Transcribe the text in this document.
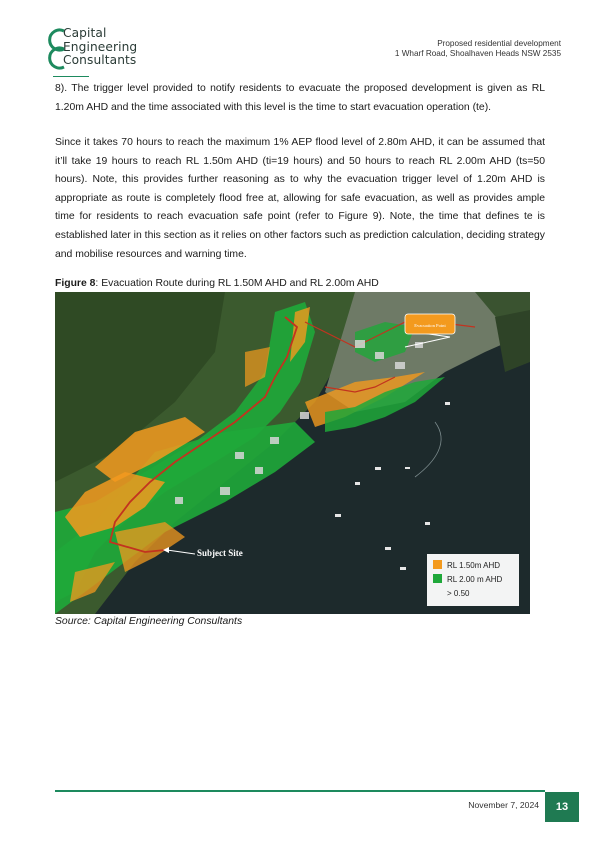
Capital
Engineering
Consultants
Proposed residential development
1 Wharf Road, Shoalhaven Heads NSW 2535
8). The trigger level provided to notify residents to evacuate the proposed development is given as RL 1.20m AHD and the time associated with this level is the time to start evacuation operation (te).
Since it takes 70 hours to reach the maximum 1% AEP flood level of 2.80m AHD, it can be assumed that it’ll take 19 hours to reach RL 1.50m AHD (ti=19 hours) and 50 hours to reach RL 2.00m AHD (ts=50 hours). Note, this provides further reasoning as to why the evacuation trigger level of 1.20m AHD is appropriate as route is completely flood free at, allowing for safe evacuation, as well as provides ample time for residents to reach evacuation safe point (refer to Figure 9). Note, the time that defines te is established later in this section as it relies on other factors such as prediction calculation, deciding strategy and mobilise resources and warning time.
Figure 8: Evacuation Route during RL 1.50M AHD and RL 2.00m AHD
Evacuation Point
Subject Site
RL 1.50m AHD
RL 2.00 m AHD
> 0.50
Source: Capital Engineering Consultants
November 7, 2024	13
